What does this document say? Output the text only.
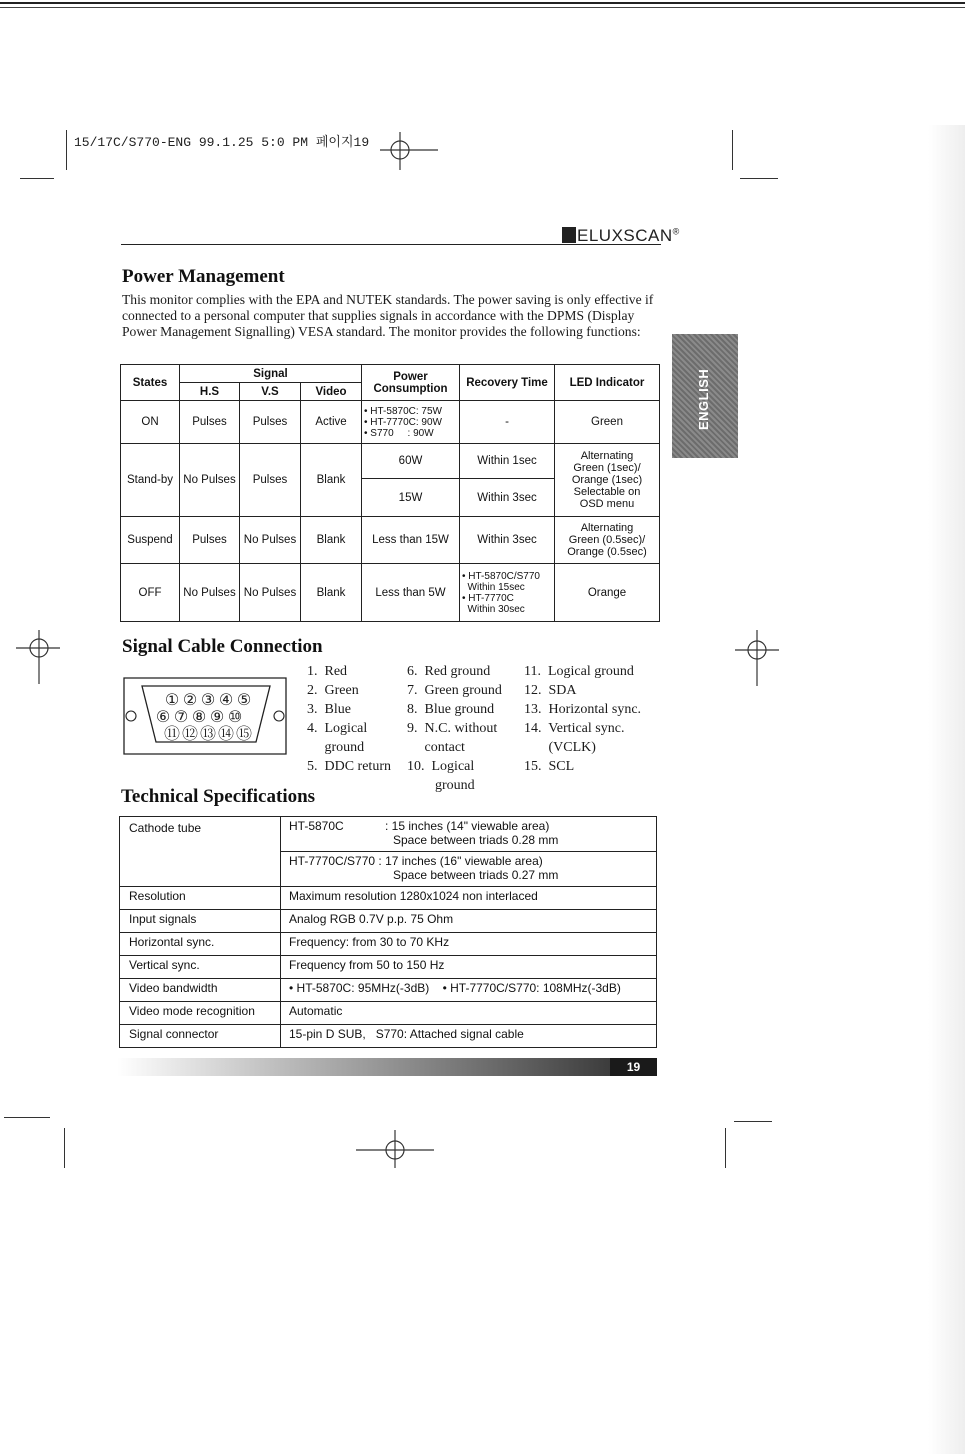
15/17C/S770-ENG 99.1.25 5:0 PM 페이지19
ELUXSCAN®
ENGLISH
Power Management
This monitor complies with the EPA and NUTEK standards. The power saving is only effective if connected to a personal computer that supplies signals in accordance with the DPMS (Display Power Management Signalling) VESA standard. The monitor provides the following functions:
States	Signal			Power Consumption	Recovery Time	LED Indicator
	H.S	V.S	Video			
ON	Pulses	Pulses	Active	• HT-5870C: 75W
• HT-7770C: 90W
• S770     : 90W	-	Green
Stand-by	No Pulses	Pulses	Blank	60W	Within 1sec	Alternating
Green (1sec)/
Orange (1sec)
Selectable on
OSD menu

				15W	Within 3sec	
Suspend	Pulses	No Pulses	Blank	Less than 15W	Within 3sec	Alternating
Green (0.5sec)/
Orange (0.5sec)

OFF	No Pulses	No Pulses	Blank	Less than 5W	• HT-5870C/S770
Within 15sec
• HT-7770C
Within 30sec	Orange
Signal Cable Connection
① ② ③ ④ ⑤
⑥ ⑦ ⑧ ⑨ ⑩
⑪ ⑫ ⑬ ⑭ ⑮
1.  Red
2.  Green
3.  Blue
4.  Logical
ground
5.  DDC return
6.  Red ground
7.  Green ground
8.  Blue ground
9.  N.C. without
contact
10.  Logical
ground
11.  Logical ground
12.  SDA
13.  Horizontal sync.
14.  Vertical sync.
(VCLK)
15.  SCL
Technical Specifications
Cathode tube	HT-5870C : 15 inches (14" viewable area)
Space between triads 0.28 mm

	HT-7770C/S770 : 17 inches (16" viewable area)
Space between triads 0.27 mm

Resolution	Maximum resolution 1280x1024 non interlaced
Input signals	Analog RGB 0.7V p.p. 75 Ohm
Horizontal sync.	Frequency: from 30 to 70 KHz
Vertical sync.	Frequency from 50 to 150 Hz
Video bandwidth	• HT-5870C: 95MHz(-3dB)    • HT-7770C/S770: 108MHz(-3dB)
Video mode recognition	Automatic
Signal connector	15-pin D SUB,   S770: Attached signal cable
19
